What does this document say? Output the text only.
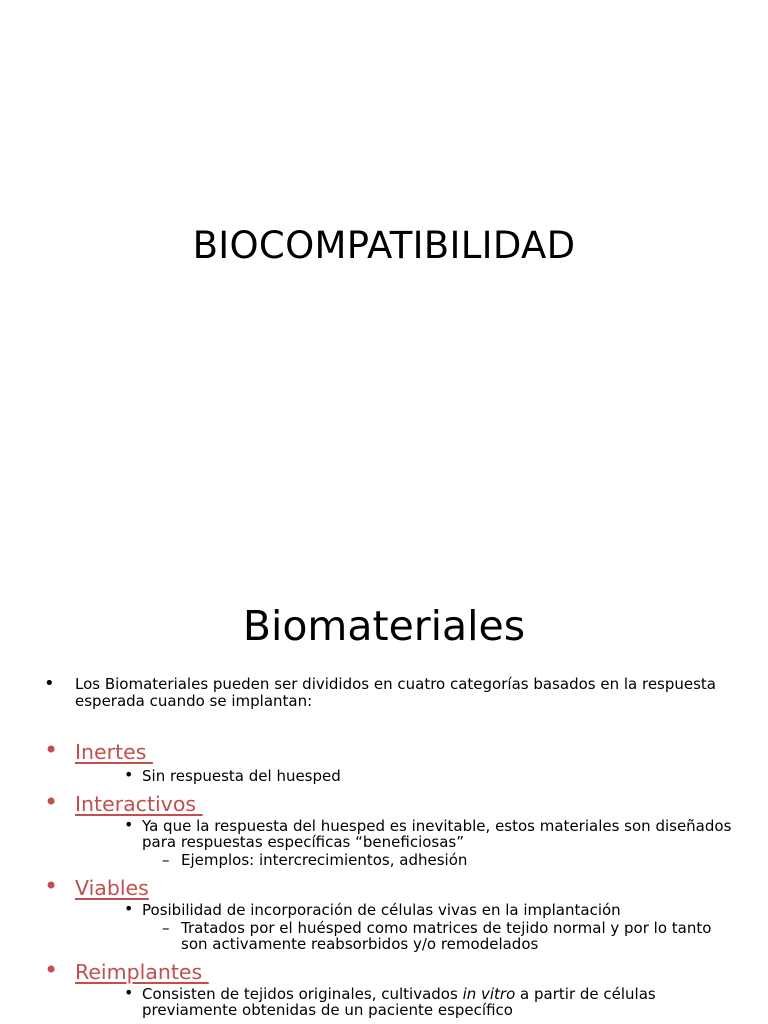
BIOCOMPATIBILIDAD
Biomateriales
• Los Biomateriales pueden ser divididos en cuatro categorías basados en la respuesta esperada cuando se implantan:
• Inertes
• Sin respuesta del huesped
• Interactivos
• Ya que la respuesta del huesped es inevitable, estos materiales son diseñados para respuestas específicas “beneficiosas”
– Ejemplos: intercrecimientos, adhesión
• Viables
• Posibilidad de incorporación de células vivas en la implantación
– Tratados por el huésped como matrices de tejido normal y por lo tanto son activamente reabsorbidos y/o remodelados
• Reimplantes
• Consisten de tejidos originales, cultivados in vitro a partir de células previamente obtenidas de un paciente específico
